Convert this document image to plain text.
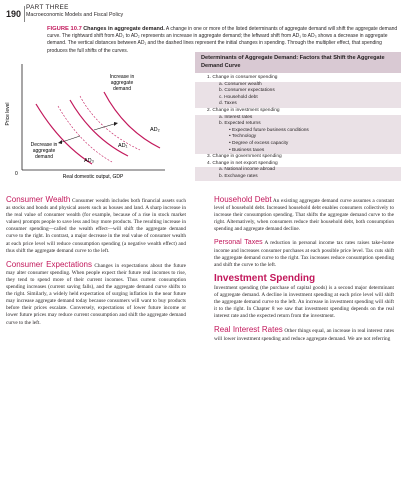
190
PART THREE
Macroeconomic Models and Fiscal Policy
FIGURE 10.7 Changes in aggregate demand. A change in one or more of the listed determinants of aggregate demand will shift the aggregate demand curve. The rightward shift from AD₁ to AD₂ represents an increase in aggregate demand; the leftward shift from AD₁ to AD₃ shows a decrease in aggregate demand. The vertical distances between AD₁ and the dashed lines represent the initial changes in spending. Through the multiplier effect, that spending produces the full shifts of the curves.
Price level
0	Real domestic output, GDP
Increase in aggregate demand
Decrease in aggregate demand
AD₂
AD₁
AD₃
Determinants of Aggregate Demand: Factors that Shift the Aggregate Demand Curve
1. Change in consumer spending
a. Consumer wealth
b. Consumer expectations
c. Household debt
d. Taxes
2. Change in investment spending
a. Interest rates
b. Expected returns
• Expected future business conditions
• Technology
• Degree of excess capacity
• Business taxes
3. Change in government spending
4. Change in net export spending
a. National income abroad
b. Exchange rates

Consumer Wealth Consumer wealth includes both financial assets such as stocks and bonds and physical assets such as houses and land. A sharp increase in the real value of consumer wealth (for example, because of a rise in stock market values) prompts people to save less and buy more products. The resulting increase in consumer spending—called the wealth effect—will shift the aggregate demand curve to the right. In contrast, a major decrease in the real value of consumer wealth at each price level will reduce consumption spending (a negative wealth effect) and thus shift the aggregate demand curve to the left.

Consumer Expectations Changes in expectations about the future may alter consumer spending. When people expect their future real incomes to rise, they tend to spend more of their current incomes. Thus current consumption spending increases (current saving falls), and the aggregate demand curve shifts to the right. Similarly, a widely held expectation of surging inflation in the near future may increase aggregate demand today because consumers will want to buy products before their prices escalate. Conversely, expectations of lower future income or lower future prices may reduce current consumption and shift the aggregate demand curve to the left.

Household Debt An existing aggregate demand curve assumes a constant level of household debt. Increased household debt enables consumers collectively to increase their consumption spending. That shifts the aggregate demand curve to the right. Alternatively, when consumers reduce their household debt, both consumption spending and aggregate demand decline.

Personal Taxes A reduction in personal income tax rates raises take-home income and increases consumer purchases at each possible price level. Tax cuts shift the aggregate demand curve to the right. Tax increases reduce consumption spending and shift the curve to the left.

Investment Spending

Investment spending (the purchase of capital goods) is a second major determinant of aggregate demand. A decline in investment spending at each price level will shift the aggregate demand curve to the left. An increase in investment spending will shift it to the right. In Chapter 8 we saw that investment spending depends on the real interest rate and the expected return from the investment.

Real Interest Rates Other things equal, an increase in real interest rates will lower investment spending and reduce aggregate demand. We are not referring
